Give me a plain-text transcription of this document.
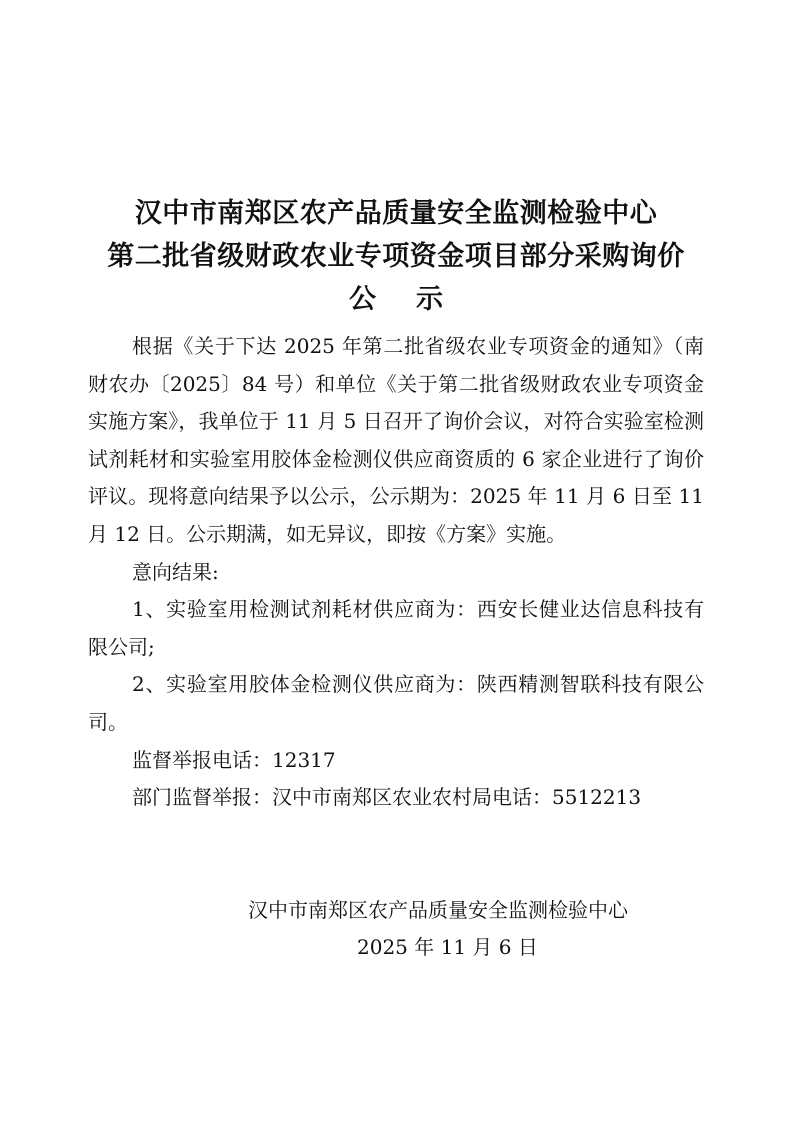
汉中市南郑区农产品质量安全监测检验中心
第二批省级财政农业专项资金项目部分采购询价
公示

根据《关于下达 2025 年第二批省级农业专项资金的通知》（南财农办〔2025〕84 号）和单位《关于第二批省级财政农业专项资金实施方案》，我单位于 11 月 5 日召开了询价会议，对符合实验室检测试剂耗材和实验室用胶体金检测仪供应商资质的 6 家企业进行了询价评议。现将意向结果予以公示，公示期为：2025 年 11 月 6 日至 11 月 12 日。公示期满，如无异议，即按《方案》实施。

意向结果:

1、实验室用检测试剂耗材供应商为：西安长健业达信息科技有限公司;

2、实验室用胶体金检测仪供应商为：陕西精测智联科技有限公司。

监督举报电话：12317

部门监督举报：汉中市南郑区农业农村局电话：5512213

汉中市南郑区农产品质量安全监测检验中心
2025 年 11 月 6 日
